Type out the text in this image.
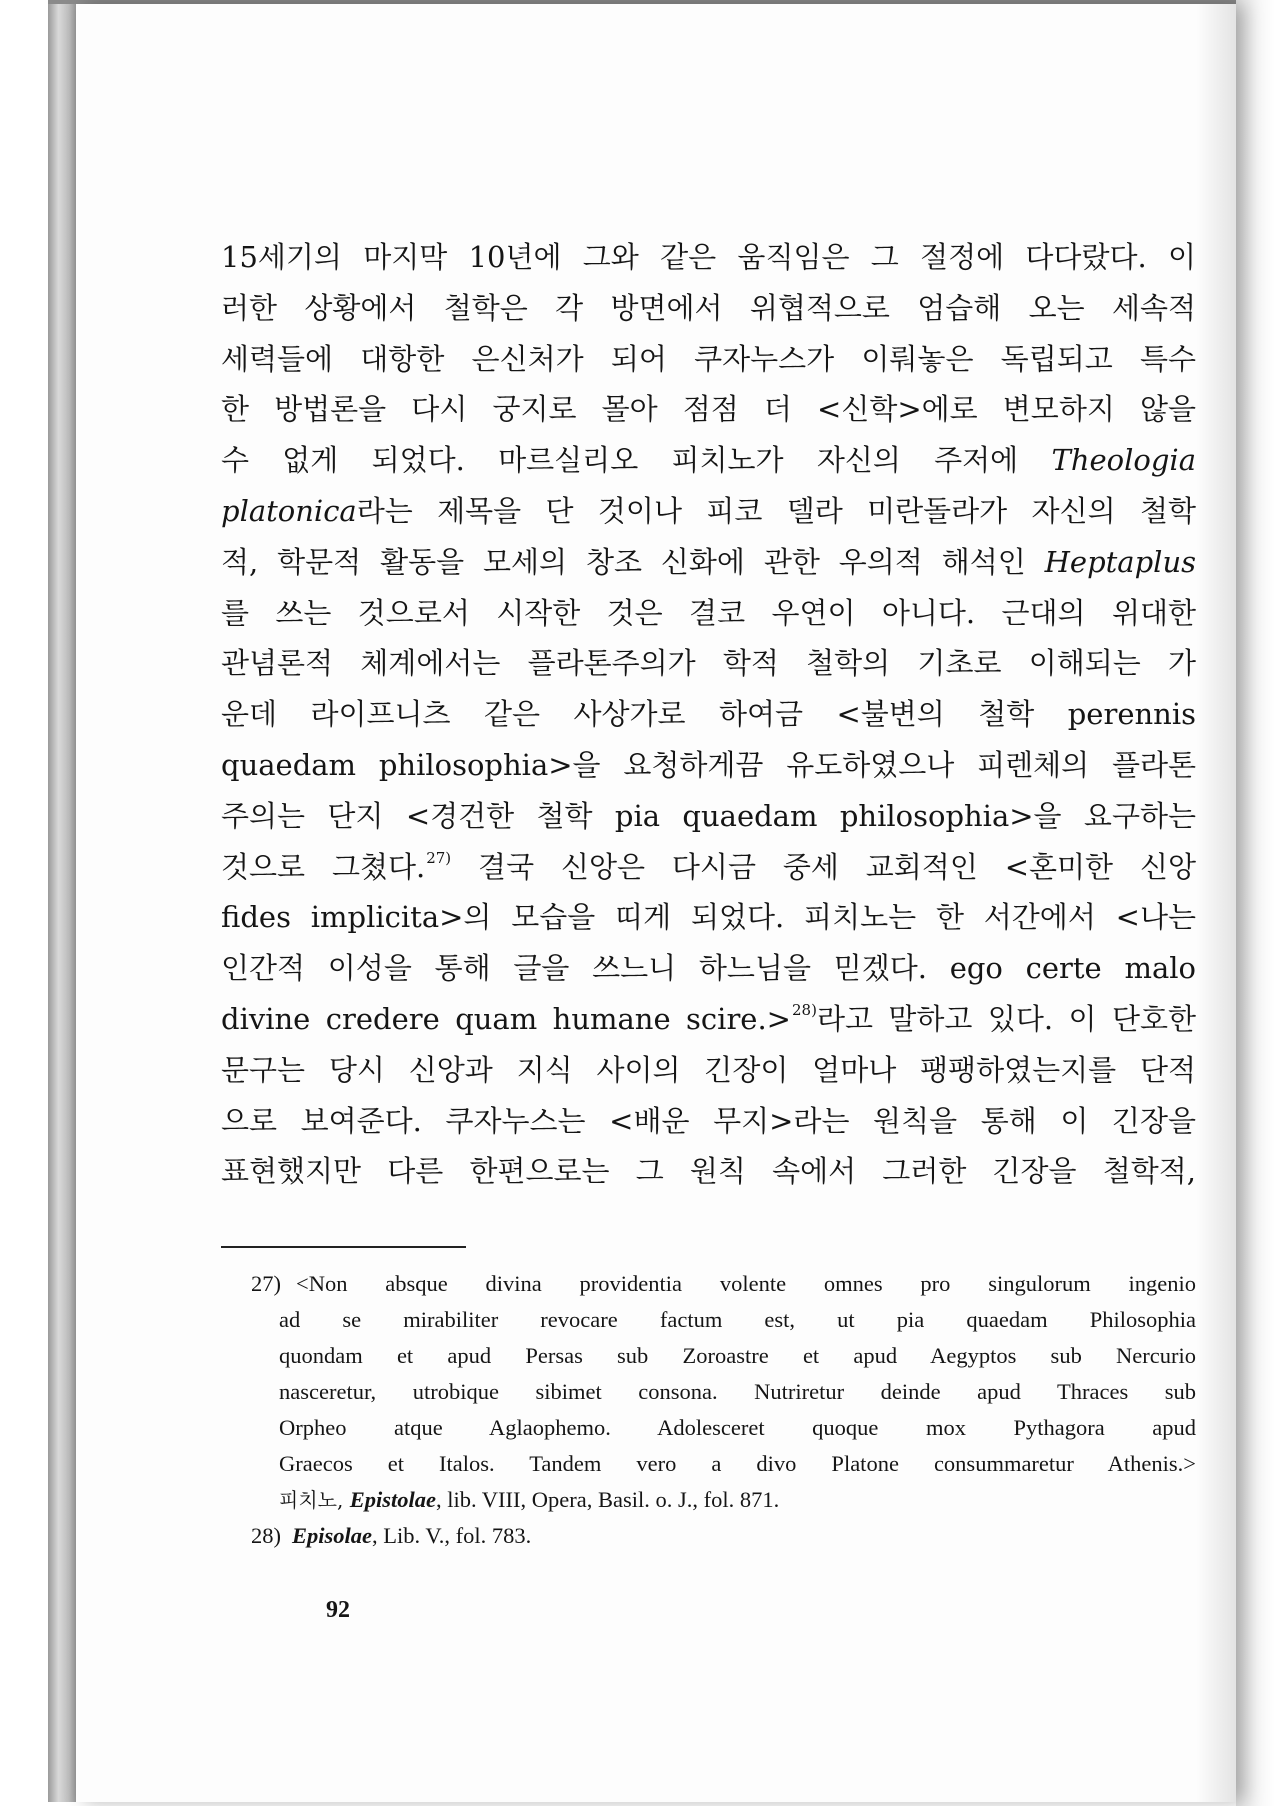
15세기의 마지막 10년에 그와 같은 움직임은 그 절정에 다다랐다. 이
러한 상황에서 철학은 각 방면에서 위협적으로 엄습해 오는 세속적
세력들에 대항한 은신처가 되어 쿠자누스가 이뤄놓은 독립되고 특수
한 방법론을 다시 궁지로 몰아 점점 더 <신학>에로 변모하지 않을
수 없게 되었다. 마르실리오 피치노가 자신의 주저에 Theologia
platonica라는 제목을 단 것이나 피코 델라 미란돌라가 자신의 철학
적, 학문적 활동을 모세의 창조 신화에 관한 우의적 해석인 Heptaplus
를 쓰는 것으로서 시작한 것은 결코 우연이 아니다. 근대의 위대한
관념론적 체계에서는 플라톤주의가 학적 철학의 기초로 이해되는 가
운데 라이프니츠 같은 사상가로 하여금 <불변의 철학 perennis
quaedam philosophia>을 요청하게끔 유도하였으나 피렌체의 플라톤
주의는 단지 <경건한 철학 pia quaedam philosophia>을 요구하는
것으로 그쳤다.$^{27)}$ 결국 신앙은 다시금 중세 교회적인 <혼미한 신앙
fides implicita>의 모습을 띠게 되었다. 피치노는 한 서간에서 <나는
인간적 이성을 통해 글을 쓰느니 하느님을 믿겠다. ego certe malo
divine credere quam humane scire.>$^{28)}$라고 말하고 있다. 이 단호한
문구는 당시 신앙과 지식 사이의 긴장이 얼마나 팽팽하였는지를 단적
으로 보여준다. 쿠자누스는 <배운 무지>라는 원칙을 통해 이 긴장을
표현했지만 다른 한편으로는 그 원칙 속에서 그러한 긴장을 철학적,
27) <Non absque divina providentia volente omnes pro singulorum ingenio
ad se mirabiliter revocare factum est, ut pia quaedam Philosophia
quondam et apud Persas sub Zoroastre et apud Aegyptos sub Nercurio
nasceretur, utrobique sibimet consona. Nutriretur deinde apud Thraces sub
Orpheo atque Aglaophemo. Adolesceret quoque mox Pythagora apud
Graecos et Italos. Tandem vero a divo Platone consummaretur Athenis.>
피치노, Epistolae, lib. VIII, Opera, Basil. o. J., fol. 871.
28) Episolae, Lib. V., fol. 783.
92
